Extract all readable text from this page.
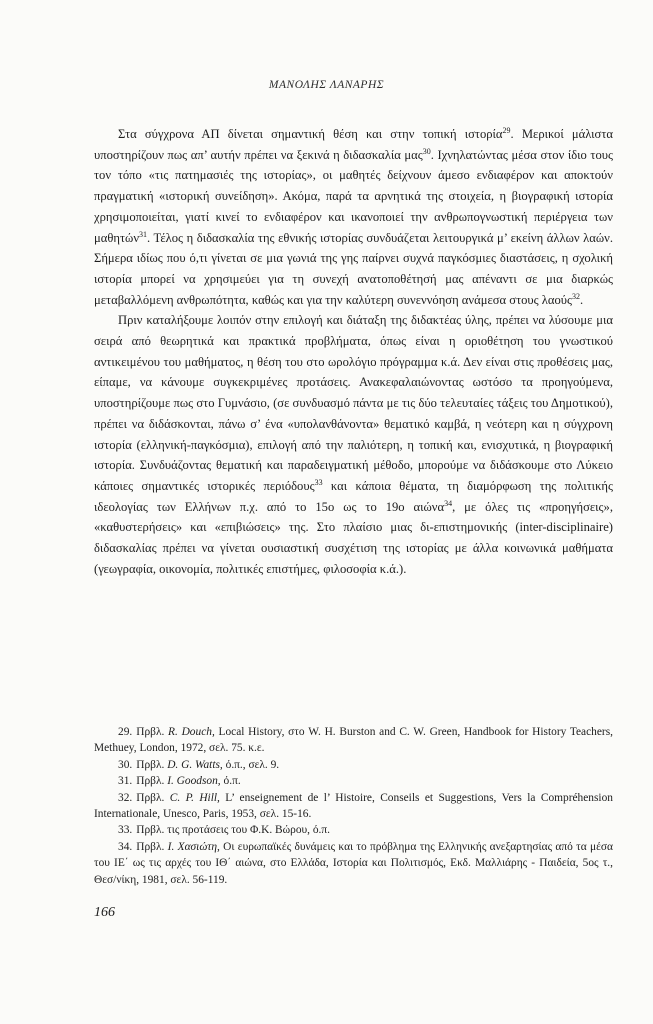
ΜΑΝΟΛΗΣ ΛΑΝΑΡΗΣ

Στα σύγχρονα ΑΠ δίνεται σημαντική θέση και στην τοπική ιστορία$^{29}$. Μερικοί μάλιστα υποστηρίζουν πως απ’ αυτήν πρέπει να ξεκινά η διδασκαλία μας$^{30}$. Ιχνηλατώντας μέσα στον ίδιο τους τον τόπο «τις πατημασιές της ιστορίας», οι μαθητές δείχνουν άμεσο ενδιαφέρον και αποκτούν πραγματική «ιστορική συνείδηση». Ακόμα, παρά τα αρνητικά της στοιχεία, η βιογραφική ιστορία χρησιμοποιείται, γιατί κινεί το ενδιαφέρον και ικανοποιεί την ανθρωπογνωστική περιέργεια των μαθητών$^{31}$. Τέλος η διδασκαλία της εθνικής ιστορίας συνδυάζεται λειτουργικά μ’ εκείνη άλλων λαών. Σήμερα ιδίως που ό,τι γίνεται σε μια γωνιά της γης παίρνει συχνά παγκόσμιες διαστάσεις, η σχολική ιστορία μπορεί να χρησιμεύει για τη συνεχή ανατοποθέτησή μας απέναντι σε μια διαρκώς μεταβαλλόμενη ανθρωπότητα, καθώς και για την καλύτερη συνεννόηση ανάμεσα στους λαούς$^{32}$.

Πριν καταλήξουμε λοιπόν στην επιλογή και διάταξη της διδακτέας ύλης, πρέπει να λύσουμε μια σειρά από θεωρητικά και πρακτικά προβλήματα, όπως είναι η οριοθέτηση του γνωστικού αντικειμένου του μαθήματος, η θέση του στο ωρολόγιο πρόγραμμα κ.ά. Δεν είναι στις προθέσεις μας, είπαμε, να κάνουμε συγκεκριμένες προτάσεις. Ανακεφαλαιώνοντας ωστόσο τα προηγούμενα, υποστηρίζουμε πως στο Γυμνάσιο, (σε συνδυασμό πάντα με τις δύο τελευταίες τάξεις του Δημοτικού), πρέπει να διδάσκονται, πάνω σ’ ένα «υπολανθάνοντα» θεματικό καμβά, η νεότερη και η σύγχρονη ιστορία (ελληνική-παγκόσμια), επιλογή από την παλιότερη, η τοπική και, ενισχυτικά, η βιογραφική ιστορία. Συνδυάζοντας θεματική και παραδειγματική μέθοδο, μπορούμε να διδάσκουμε στο Λύκειο κάποιες σημαντικές ιστορικές περιόδους$^{33}$ και κάποια θέματα, τη διαμόρφωση της πολιτικής ιδεολογίας των Ελλήνων π.χ. από το 15ο ως το 19ο αιώνα$^{34}$, με όλες τις «προηγήσεις», «καθυστερήσεις» και «επιβιώσεις» της. Στο πλαίσιο μιας δι-επιστημονικής (inter-disciplinaire) διδασκαλίας πρέπει να γίνεται ουσιαστική συσχέτιση της ιστορίας με άλλα κοινωνικά μαθήματα (γεωγραφία, οικονομία, πολιτικές επιστήμες, φιλοσοφία κ.ά.).

29. Πρβλ. R. Douch, Local History, στο W. H. Burston and C. W. Green, Handbook for History Teachers, Methuey, London, 1972, σελ. 75. κ.ε.

30. Πρβλ. D. G. Watts, ό.π., σελ. 9.

31. Πρβλ. I. Goodson, ό.π.

32. Πρβλ. C. P. Hill, L’ enseignement de l’ Histoire, Conseils et Suggestions, Vers la Compréhension Internationale, Unesco, Paris, 1953, σελ. 15-16.

33. Πρβλ. τις προτάσεις του Φ.Κ. Βώρου, ό.π.

34. Πρβλ. I. Χασιώτη, Οι ευρωπαϊκές δυνάμεις και το πρόβλημα της Ελληνικής ανεξαρτησίας από τα μέσα του ΙΕ΄ ως τις αρχές του ΙΘ΄ αιώνα, στο Ελλάδα, Ιστορία και Πολιτισμός, Εκδ. Μαλλιάρης - Παιδεία, 5ος τ., Θεσ/νίκη, 1981, σελ. 56-119.

166
